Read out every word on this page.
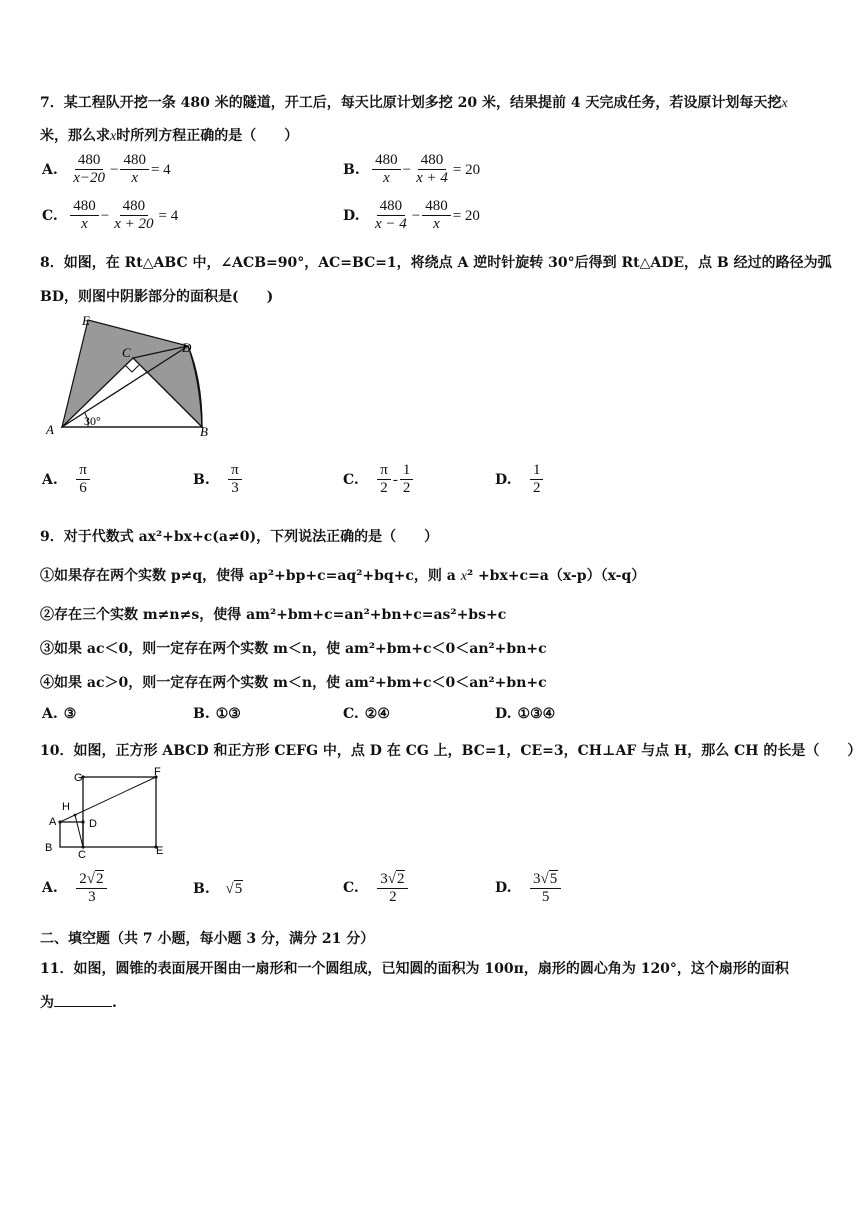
7．某工程队开挖一条 480 米的隧道，开工后，每天比原计划多挖 20 米，结果提前 4 天完成任务，若设原计划每天挖x
米，那么求x时所列方程正确的是（　　）
A. $\frac{480}{x-20} - \frac{480}{x} = 4$	B. $\frac{480}{x} - \frac{480}{x + 4} = 20$
C. $\frac{480}{x} - \frac{480}{x + 20} = 4$	D. $\frac{480}{x - 4} - \frac{480}{x} = 20$
8．如图，在 Rt△ABC 中，∠ACB=90°，AC=BC=1，将绕点 A 逆时针旋转 30°后得到 Rt△ADE，点 B 经过的路径为弧
BD，则图中阴影部分的面积是(　　)
E
C	D
A	B
30°
A. $\frac{\pi}{6}$	B. $\frac{\pi}{3}$	C. $\frac{\pi}{2} - \frac{1}{2}$	D. $\frac{1}{2}$
9．对于代数式 ax²+bx+c(a≠0)，下列说法正确的是（　　）
①如果存在两个实数 p≠q，使得 ap²+bp+c=aq²+bq+c，则 a x² +bx+c=a（x-p）（x-q）
②存在三个实数 m≠n≠s，使得 am²+bm+c=an²+bn+c=as²+bs+c
③如果 ac＜0，则一定存在两个实数 m＜n，使 am²+bm+c＜0＜an²+bn+c
④如果 ac＞0，则一定存在两个实数 m＜n，使 am²+bm+c＜0＜an²+bn+c
A. ③	B. ①③	C. ②④	D. ①③④
10．如图，正方形 ABCD 和正方形 CEFG 中，点 D 在 CG 上，BC=1，CE=3，CH⊥AF 与点 H，那么 CH 的长是（　　）
G	F
H
A	D
B
C	E
A. $\frac{2√2}{3}$	B. √5	C. $\frac{3√2}{2}$	D. $\frac{3√5}{5}$
二、填空题（共 7 小题，每小题 3 分，满分 21 分）
11．如图，圆锥的表面展开图由一扇形和一个圆组成，已知圆的面积为 100π，扇形的圆心角为 120°，这个扇形的面积
为	.
